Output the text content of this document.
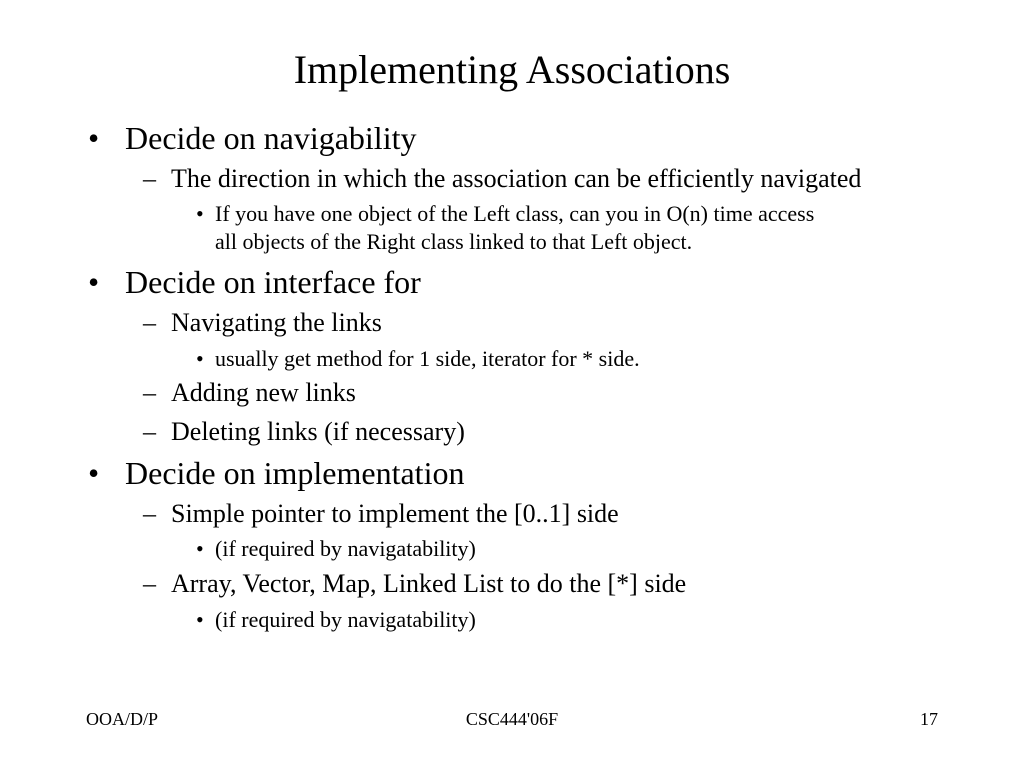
Implementing Associations
• Decide on navigability
– The direction in which the association can be efficiently navigated
• If you have one object of the Left class, can you in O(n) time access
all objects of the Right class linked to that Left object.
• Decide on interface for
– Navigating the links
• usually get method for 1 side, iterator for * side.
– Adding new links
– Deleting links (if necessary)
• Decide on implementation
– Simple pointer to implement the [0..1] side
• (if required by navigatability)
– Array, Vector, Map, Linked List to do the [*] side
• (if required by navigatability)
OOA/D/P	CSC444'06F	17
